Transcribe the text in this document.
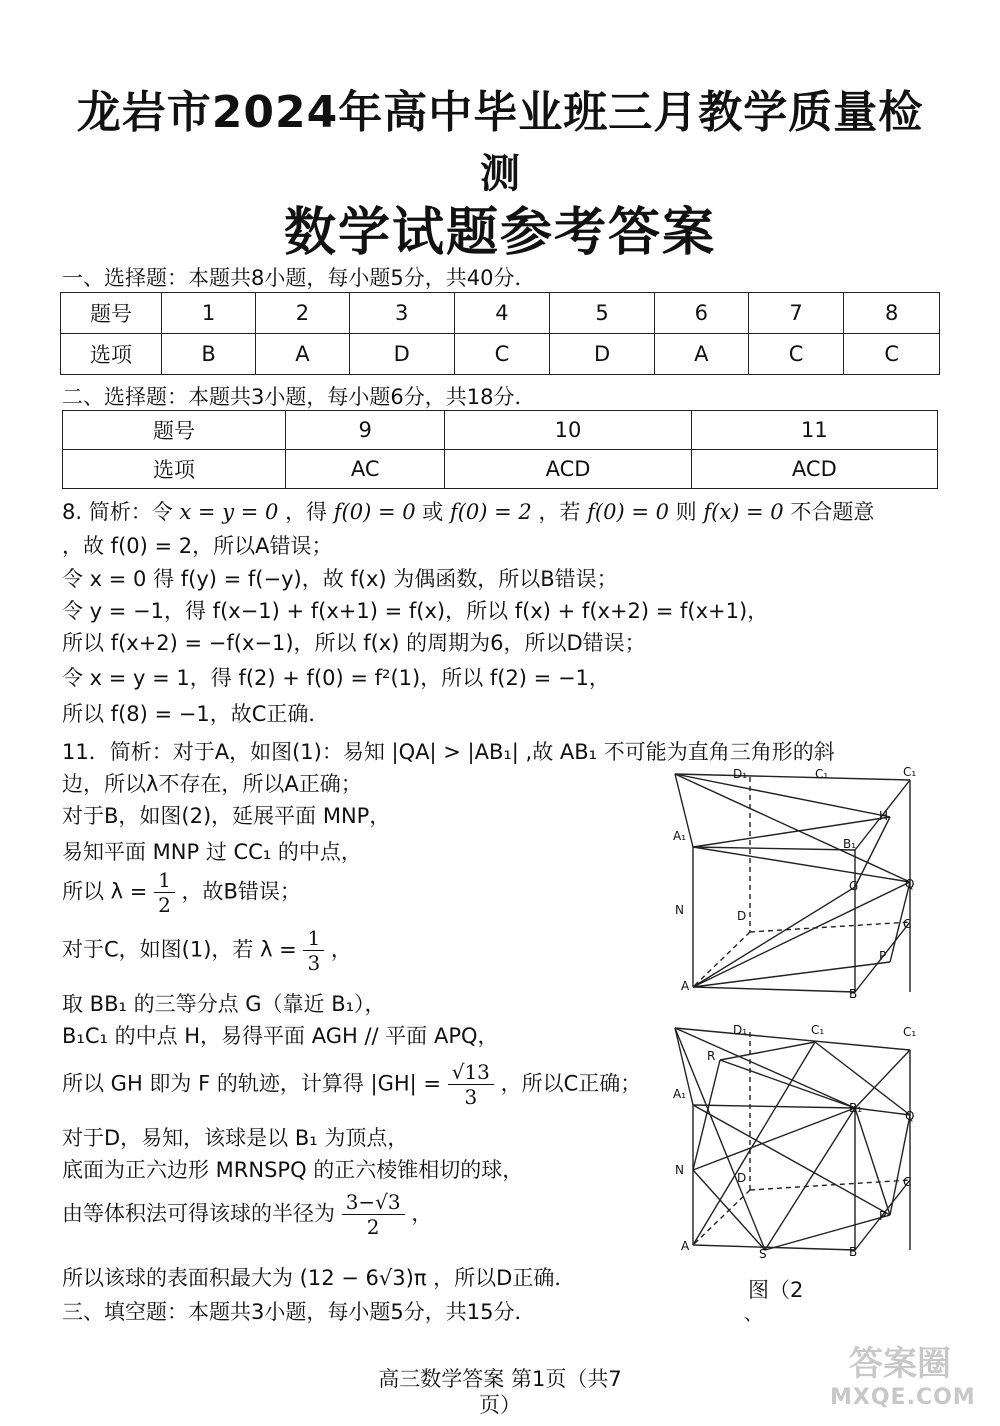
龙岩市2024年高中毕业班三月教学质量检
测
数学试题参考答案
一、选择题：本题共8小题，每小题5分，共40分．
题号	1	2	3	4	5	6	7	8
选项	B	A	D	C	D	A	C	C
二、选择题：本题共3小题，每小题6分，共18分．
题号	9	10	11
选项	AC	ACD	ACD
8. 简析：令 x = y = 0 ，得 f(0) = 0 或 f(0) = 2 ，若 f(0) = 0 则 f(x) = 0 不合题意
，故 f(0) = 2，所以A错误；
令 x = 0 得 f(y) = f(−y)，故 f(x) 为偶函数，所以B错误；
令 y = −1，得 f(x−1) + f(x+1) = f(x)，所以 f(x) + f(x+2) = f(x+1)，
所以 f(x+2) = −f(x−1)，所以 f(x) 的周期为6，所以D错误；
令 x = y = 1，得 f(2) + f(0) = f²(1)，所以 f(2) = −1，
所以 f(8) = −1，故C正确．
11．简析：对于A，如图(1)：易知 |QA| > |AB₁| ,故 AB₁ 不可能为直角三角形的斜
边，所以λ不存在，所以A正确；
对于B，如图(2)，延展平面 MNP，
易知平面 MNP 过 CC₁ 的中点，
所以 $\lambda = \frac{1}{2}$ ，故B错误；
对于C，如图(1)，若 $\lambda = \frac{1}{3}$ ，
取 BB₁ 的三等分点 G（靠近 B₁），
B₁C₁ 的中点 H，易得平面 AGH // 平面 APQ，
所以 GH 即为 F 的轨迹，计算得 $|GH| = \frac{√13}{3}$ ，所以C正确；
对于D，易知，该球是以 B₁ 为顶点，
底面为正六边形 MRNSPQ 的正六棱锥相切的球，
由等体积法可得该球的半径为 $\frac{3-√3}{2}$ ，
所以该球的表面积最大为 (12 − 6√3)π ，所以D正确．
三、填空题：本题共3小题，每小题5分，共15分．
D₁	C₁	C₁
H
A₁
B₁
G	Q
N	D
C
P
A
B
D₁	C₁	C₁
R
A₁
B₁
Q
N
D	C
P
A
S	B
图（2
、
高三数学答案 第1页（共7
页）
答案圈
MXQE.COM
